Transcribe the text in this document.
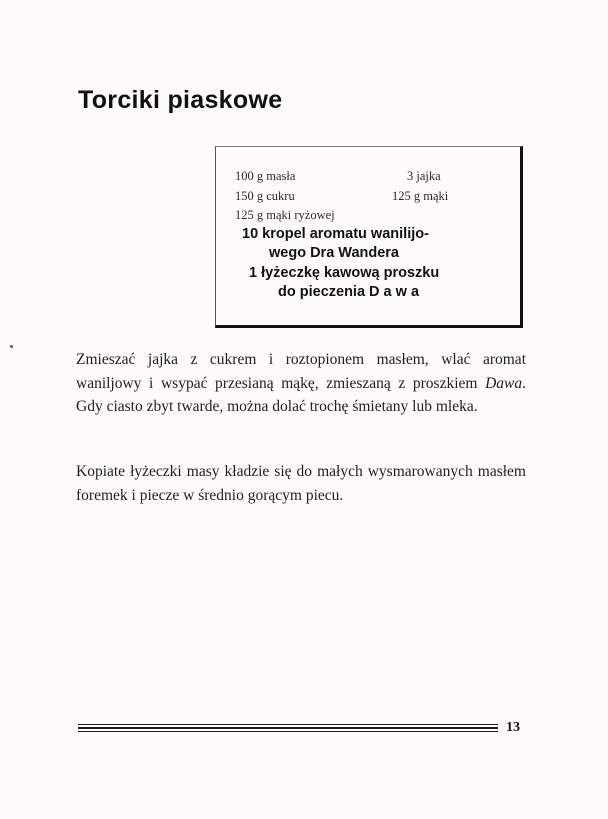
Torciki piaskowe
100 g masła	3 jajka
150 g cukru	125 g mąki
125 g mąki ryżowej
10 kropel aromatu wanilijo-
wego Dra Wandera
1 łyżeczkę kawową proszku
do pieczenia D a w a

Zmieszać jajka z cukrem i roztopionem masłem, wlać aromat waniljowy i wsypać przesianą mąkę, zmieszaną z proszkiem Dawa. Gdy ciasto zbyt twarde, można dolać trochę śmietany lub mleka.

Kopiate łyżeczki masy kładzie się do małych wysmarowanych masłem foremek i piecze w średnio gorącym piecu.

13
